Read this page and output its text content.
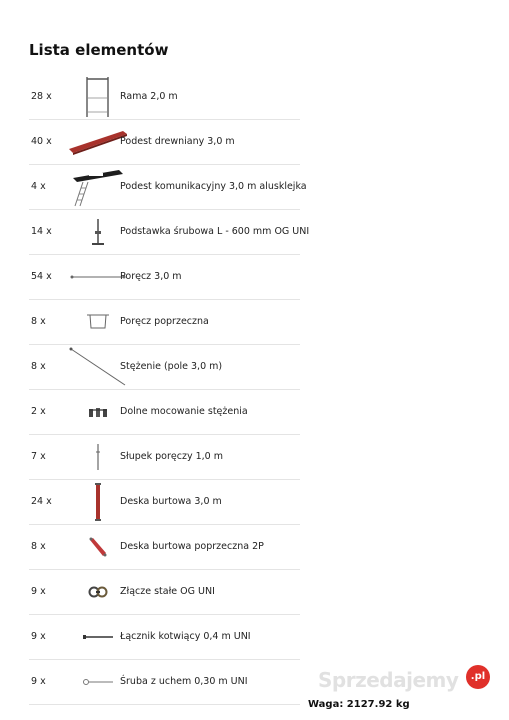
Lista elementów
28 x	Rama 2,0 m
40 x	Podest drewniany 3,0 m
4 x	Podest komunikacyjny 3,0 m alusklejka
14 x	Podstawka śrubowa L - 600 mm OG UNI
54 x	Poręcz 3,0 m
8 x	Poręcz poprzeczna
8 x	Stężenie (pole 3,0 m)
2 x	Dolne mocowanie stężenia
7 x	Słupek poręczy 1,0 m
24 x	Deska burtowa 3,0 m
8 x	Deska burtowa poprzeczna 2P
9 x	Złącze stałe OG UNI
9 x	Łącznik kotwiący 0,4 m UNI
9 x	Śruba z uchem 0,30 m UNI	Sprzedajemy	.pl
Waga: 2127.92 kg
